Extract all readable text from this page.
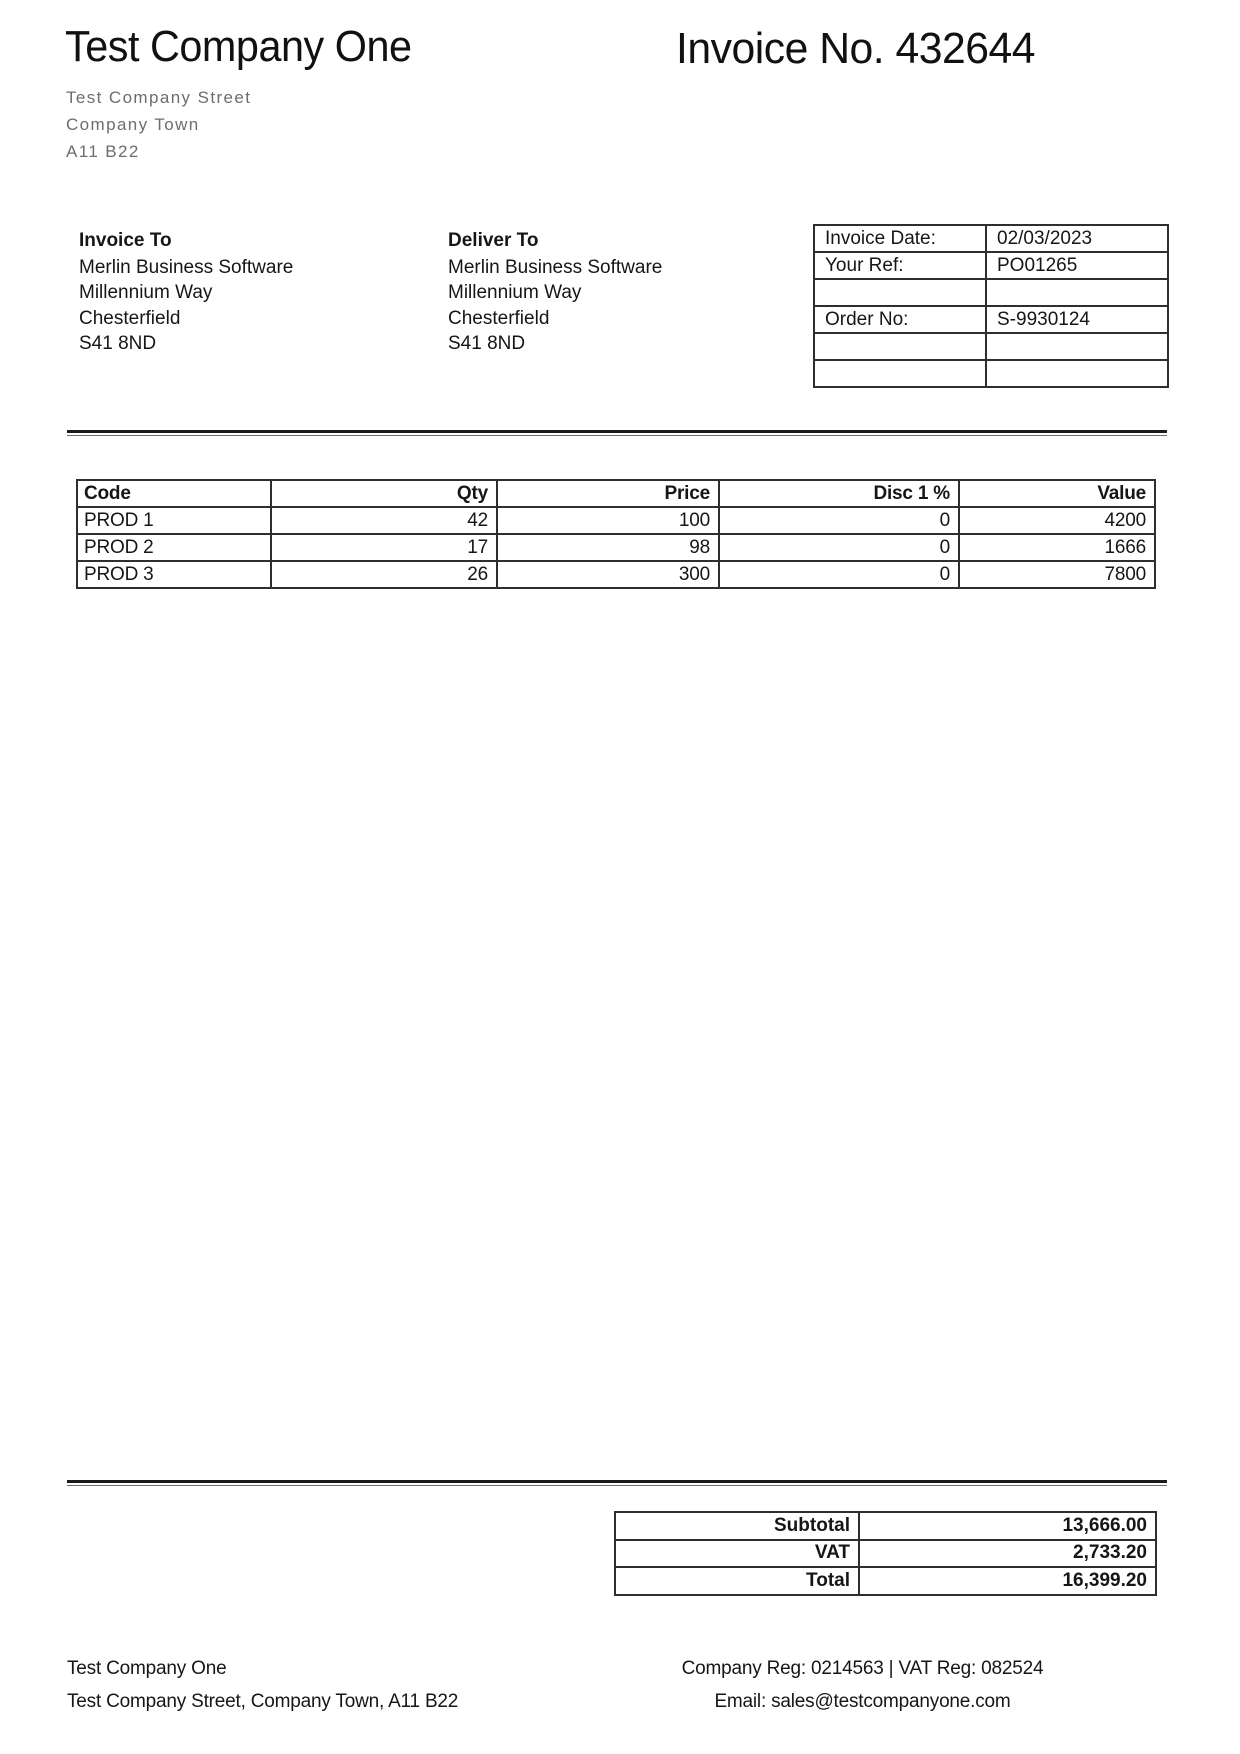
Test Company One	Invoice No. 432644
Test Company Street
Company Town
A11 B22
Invoice To
Merlin Business Software
Millennium Way
Chesterfield
S41 8ND
Deliver To
Merlin Business Software
Millennium Way
Chesterfield
S41 8ND
Invoice Date:	02/03/2023
Your Ref:	PO01265

Order No:	S-9930124

Code	Qty	Price	Disc 1 %	Value
PROD 1	42	100	0	4200
PROD 2	17	98	0	1666
PROD 3	26	300	0	7800
Subtotal	13,666.00
VAT	2,733.20
Total	16,399.20
Test Company One
Test Company Street, Company Town, A11 B22
Company Reg: 0214563 | VAT Reg: 082524
Email: sales@testcompanyone.com
